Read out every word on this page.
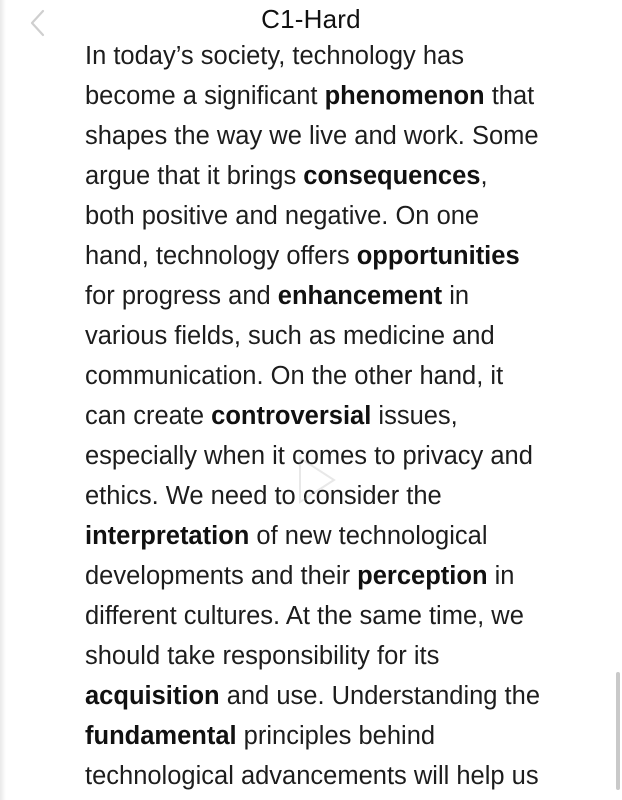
C1-Hard
In today’s society, technology has
become a significant phenomenon that
shapes the way we live and work. Some
argue that it brings consequences,
both positive and negative. On one
hand, technology offers opportunities
for progress and enhancement in
various fields, such as medicine and
communication. On the other hand, it
can create controversial issues,
especially when it comes to privacy and
ethics. We need to consider the
interpretation of new technological
developments and their perception in
different cultures. At the same time, we
should take responsibility for its
acquisition and use. Understanding the
fundamental principles behind
technological advancements will help us
